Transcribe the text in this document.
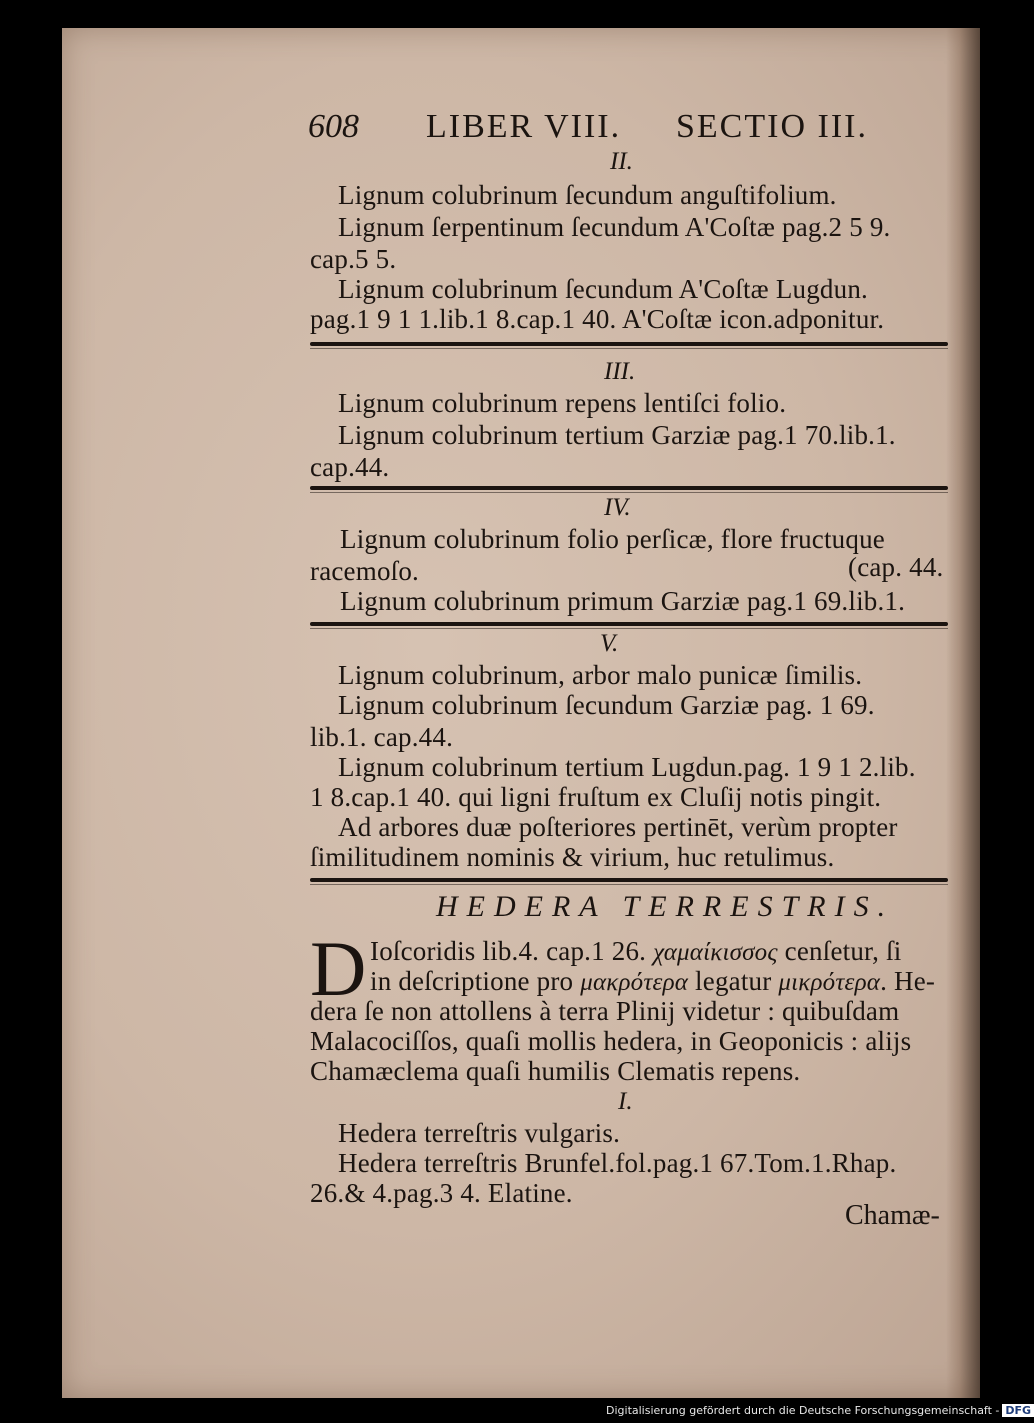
608 LIBER VIII. SECTIO III.
II.
Lignum colubrinum ſecundum anguſtifolium.
Lignum ſerpentinum ſecundum A'Coſtæ pag.2 5 9.
cap.5 5.
Lignum colubrinum ſecundum A'Coſtæ Lugdun.
pag.1 9 1 1.lib.1 8.cap.1 40. A'Coſtæ icon.adponitur.
III.
Lignum colubrinum repens lentiſci folio.
Lignum colubrinum tertium Garziæ pag.1 70.lib.1.
cap.44.
IV.
Lignum colubrinum folio perſicæ, flore fructuque
racemoſo.	(cap. 44.
Lignum colubrinum primum Garziæ pag.1 69.lib.1.
V.
Lignum colubrinum, arbor malo punicæ ſimilis.
Lignum colubrinum ſecundum Garziæ pag. 1 69.
lib.1. cap.44.
Lignum colubrinum tertium Lugdun.pag. 1 9 1 2.lib.
1 8.cap.1 40. qui ligni fruſtum ex Cluſij notis pingit.
Ad arbores duæ poſteriores pertinēt, verùm propter
ſimilitudinem nominis & virium, huc retulimus.
HEDERA TERRESTRIS.
D Ioſcoridis lib.4. cap.1 26. χαμαίκισσος cenſetur, ſi
in deſcriptione pro μακρότερα legatur μικρότερα. He-
dera ſe non attollens à terra Plinij videtur : quibuſdam
Malacociſſos, quaſi mollis hedera, in Geoponicis : alijs
Chamæclema quaſi humilis Clematis repens.
I.
Hedera terreſtris vulgaris.
Hedera terreſtris Brunfel.fol.pag.1 67.Tom.1.Rhap.
26.& 4.pag.3 4. Elatine.
Chamæ-
Digitalisierung gefördert durch die Deutsche Forschungsgemeinschaft - DFG
